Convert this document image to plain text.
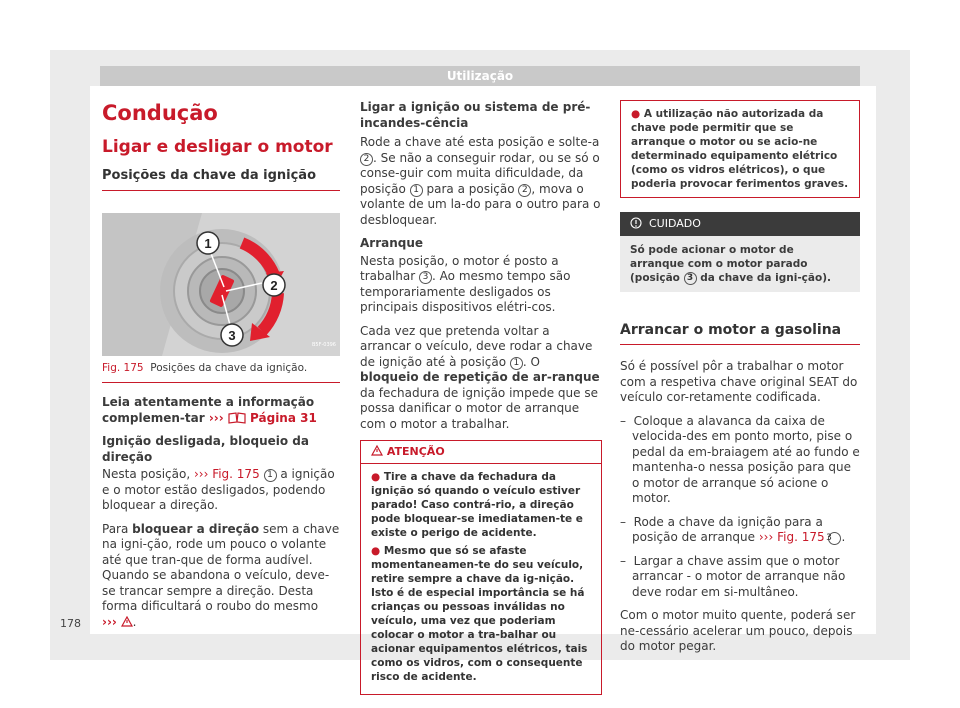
Utilização
Condução
Ligar e desligar o motor
Posições da chave da ignição
1
2
3
B5F-0396
Fig. 175 Posições da chave da ignição.

Leia atentamente a informação complemen-tar ››› Página 31

Ignição desligada, bloqueio da direção

Nesta posição, ››› Fig. 175 1 a ignição e o motor estão desligados, podendo bloquear a direção.

Para bloquear a direção sem a chave na igni-ção, rode um pouco o volante até que tran-que de forma audível. Quando se abandona o veículo, deve-se trancar sempre a direção. Desta forma dificultará o roubo do mesmo
››› .

Ligar a ignição ou sistema de pré-incandes-cência

Rode a chave até esta posição e solte-a 2 . Se não a conseguir rodar, ou se só o conse-guir com muita dificuldade, da posição 1 para a posição 2 , mova o volante de um la-do para o outro para o desbloquear.

Arranque

Nesta posição, o motor é posto a trabalhar 3 . Ao mesmo tempo são temporariamente desligados os principais dispositivos elétri-cos.

Cada vez que pretenda voltar a arrancar o veículo, deve rodar a chave de ignição até à posição 1 . O bloqueio de repetição de ar-ranque da fechadura de ignição impede que se possa danificar o motor de arranque com o motor a trabalhar.

ATENÇÃO
● Tire a chave da fechadura da ignição só quando o veículo estiver parado! Caso contrá-rio, a direção pode bloquear-se imediatamen-te e existe o perigo de acidente.
● Mesmo que só se afaste momentaneamen-te do seu veículo, retire sempre a chave da ig-nição. Isto é de especial importância se há crianças ou pessoas inválidas no veículo, uma vez que poderiam colocar o motor a tra-balhar ou acionar equipamentos elétricos, tais como os vidros, com o consequente risco de acidente.
● A utilização não autorizada da chave pode permitir que se arranque o motor ou se acio-ne determinado equipamento elétrico (como os vidros elétricos), o que poderia provocar ferimentos graves.
CUIDADO
Só pode acionar o motor de arranque com o motor parado (posição 3 da chave da igni-ção).
Arrancar o motor a gasolina

Só é possível pôr a trabalhar o motor com a respetiva chave original SEAT do veículo cor-retamente codificada.

–  Coloque a alavanca da caixa de velocida-des em ponto morto, pise o pedal da em-braiagem até ao fundo e mantenha-o nessa posição para que o motor de arranque só acione o motor.

–  Rode a chave da ignição para a posição de arranque ››› Fig. 175 3 .

–  Largar a chave assim que o motor arrancar - o motor de arranque não deve rodar em si-multâneo.

Com o motor muito quente, poderá ser ne-cessário acelerar um pouco, depois do motor pegar.

178
